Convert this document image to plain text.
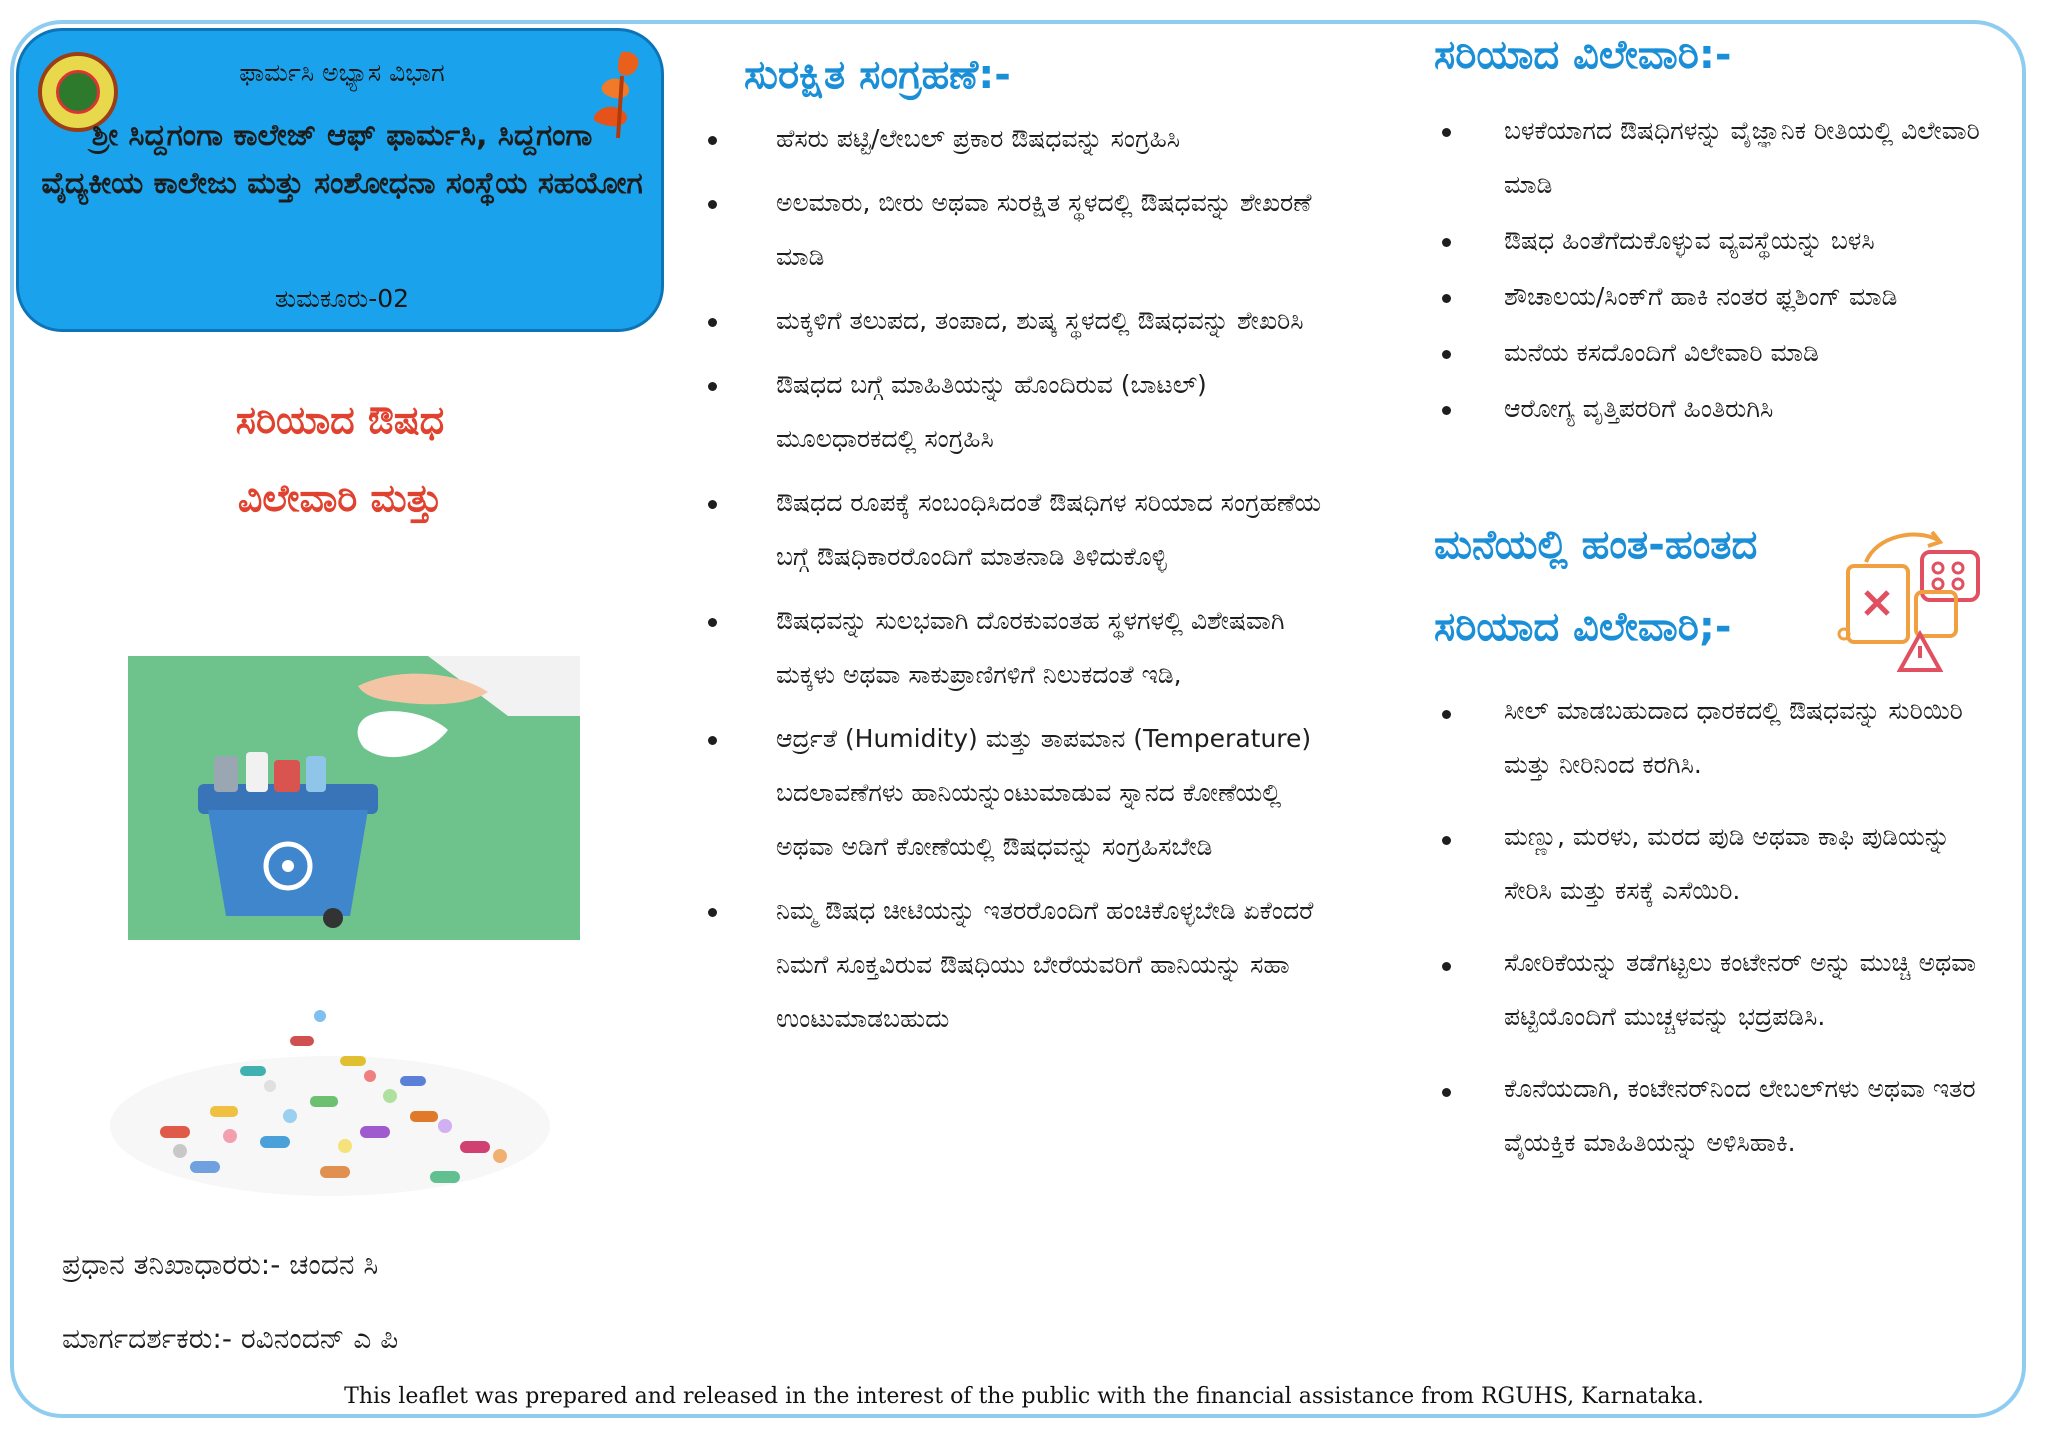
ಫಾರ್ಮಸಿ ಅಭ್ಯಾಸ ವಿಭಾಗ
ಶ್ರೀ ಸಿದ್ದಗಂಗಾ ಕಾಲೇಜ್ ಆಫ್ ಫಾರ್ಮಸಿ, ಸಿದ್ದಗಂಗಾ ವೈದ್ಯಕೀಯ ಕಾಲೇಜು ಮತ್ತು ಸಂಶೋಧನಾ ಸಂಸ್ಥೆಯ ಸಹಯೋಗ
ತುಮಕೂರು-02
ಸರಿಯಾದ ಔಷಧ
ವಿಲೇವಾರಿ ಮತ್ತು
ಪ್ರಧಾನ ತನಿಖಾಧಾರರು:- ಚಂದನ ಸಿ
ಮಾರ್ಗದರ್ಶಕರು:- ರವಿನಂದನ್ ಎ ಪಿ
ಸುರಕ್ಷಿತ ಸಂಗ್ರಹಣೆ:-
ಹೆಸರು ಪಟ್ಟಿ/ಲೇಬಲ್ ಪ್ರಕಾರ ಔಷಧವನ್ನು ಸಂಗ್ರಹಿಸಿ
ಅಲಮಾರು, ಬೀರು ಅಥವಾ ಸುರಕ್ಷಿತ ಸ್ಥಳದಲ್ಲಿ ಔಷಧವನ್ನು ಶೇಖರಣೆ ಮಾಡಿ
ಮಕ್ಕಳಿಗೆ ತಲುಪದ, ತಂಪಾದ, ಶುಷ್ಕ ಸ್ಥಳದಲ್ಲಿ ಔಷಧವನ್ನು ಶೇಖರಿಸಿ
ಔಷಧದ ಬಗ್ಗೆ ಮಾಹಿತಿಯನ್ನು ಹೊಂದಿರುವ (ಬಾಟಲ್) ಮೂಲಧಾರಕದಲ್ಲಿ ಸಂಗ್ರಹಿಸಿ
ಔಷಧದ ರೂಪಕ್ಕೆ ಸಂಬಂಧಿಸಿದಂತೆ ಔಷಧಿಗಳ ಸರಿಯಾದ ಸಂಗ್ರಹಣೆಯ ಬಗ್ಗೆ ಔಷಧಿಕಾರರೊಂದಿಗೆ ಮಾತನಾಡಿ ತಿಳಿದುಕೊಳ್ಳಿ
ಔಷಧವನ್ನು ಸುಲಭವಾಗಿ ದೊರಕುವಂತಹ ಸ್ಥಳಗಳಲ್ಲಿ ವಿಶೇಷವಾಗಿ ಮಕ್ಕಳು ಅಥವಾ ಸಾಕುಪ್ರಾಣಿಗಳಿಗೆ ನಿಲುಕದಂತೆ ಇಡಿ,
ಆರ್ದ್ರತೆ (Humidity) ಮತ್ತು ತಾಪಮಾನ (Temperature) ಬದಲಾವಣೆಗಳು ಹಾನಿಯನ್ನುಂಟುಮಾಡುವ ಸ್ನಾನದ ಕೋಣೆಯಲ್ಲಿ ಅಥವಾ ಅಡಿಗೆ ಕೋಣೆಯಲ್ಲಿ ಔಷಧವನ್ನು ಸಂಗ್ರಹಿಸಬೇಡಿ
ನಿಮ್ಮ ಔಷಧ ಚೀಟಿಯನ್ನು ಇತರರೊಂದಿಗೆ ಹಂಚಿಕೊಳ್ಳಬೇಡಿ ಏಕೆಂದರೆ ನಿಮಗೆ ಸೂಕ್ತವಿರುವ ಔಷಧಿಯು ಬೇರೆಯವರಿಗೆ ಹಾನಿಯನ್ನು ಸಹಾ ಉಂಟುಮಾಡಬಹುದು
ಸರಿಯಾದ ವಿಲೇವಾರಿ:-
ಬಳಕೆಯಾಗದ ಔಷಧಿಗಳನ್ನು ವೈಜ್ಞಾನಿಕ ರೀತಿಯಲ್ಲಿ ವಿಲೇವಾರಿ ಮಾಡಿ
ಔಷಧ ಹಿಂತೆಗೆದುಕೊಳ್ಳುವ ವ್ಯವಸ್ಥೆಯನ್ನು ಬಳಸಿ
ಶೌಚಾಲಯ/ಸಿಂಕ್‌ಗೆ ಹಾಕಿ ನಂತರ ಫ್ಲಶಿಂಗ್ ಮಾಡಿ
ಮನೆಯ ಕಸದೊಂದಿಗೆ ವಿಲೇವಾರಿ ಮಾಡಿ
ಆರೋಗ್ಯ ವೃತ್ತಿಪರರಿಗೆ ಹಿಂತಿರುಗಿಸಿ
ಮನೆಯಲ್ಲಿ ಹಂತ-ಹಂತದ
ಸರಿಯಾದ ವಿಲೇವಾರಿ;-
ಸೀಲ್ ಮಾಡಬಹುದಾದ ಧಾರಕದಲ್ಲಿ ಔಷಧವನ್ನು ಸುರಿಯಿರಿ ಮತ್ತು ನೀರಿನಿಂದ ಕರಗಿಸಿ.
ಮಣ್ಣು, ಮರಳು, ಮರದ ಪುಡಿ ಅಥವಾ ಕಾಫಿ ಪುಡಿಯನ್ನು ಸೇರಿಸಿ ಮತ್ತು ಕಸಕ್ಕೆ ಎಸೆಯಿರಿ.
ಸೋರಿಕೆಯನ್ನು ತಡೆಗಟ್ಟಲು ಕಂಟೇನರ್ ಅನ್ನು ಮುಚ್ಚಿ ಅಥವಾ ಪಟ್ಟಿಯೊಂದಿಗೆ ಮುಚ್ಚಳವನ್ನು ಭದ್ರಪಡಿಸಿ.
ಕೊನೆಯದಾಗಿ, ಕಂಟೇನರ್‌ನಿಂದ ಲೇಬಲ್‌ಗಳು ಅಥವಾ ಇತರ ವೈಯಕ್ತಿಕ ಮಾಹಿತಿಯನ್ನು ಅಳಿಸಿಹಾಕಿ.
This leaflet was prepared and released in the interest of the public with the financial assistance from RGUHS, Karnataka.
